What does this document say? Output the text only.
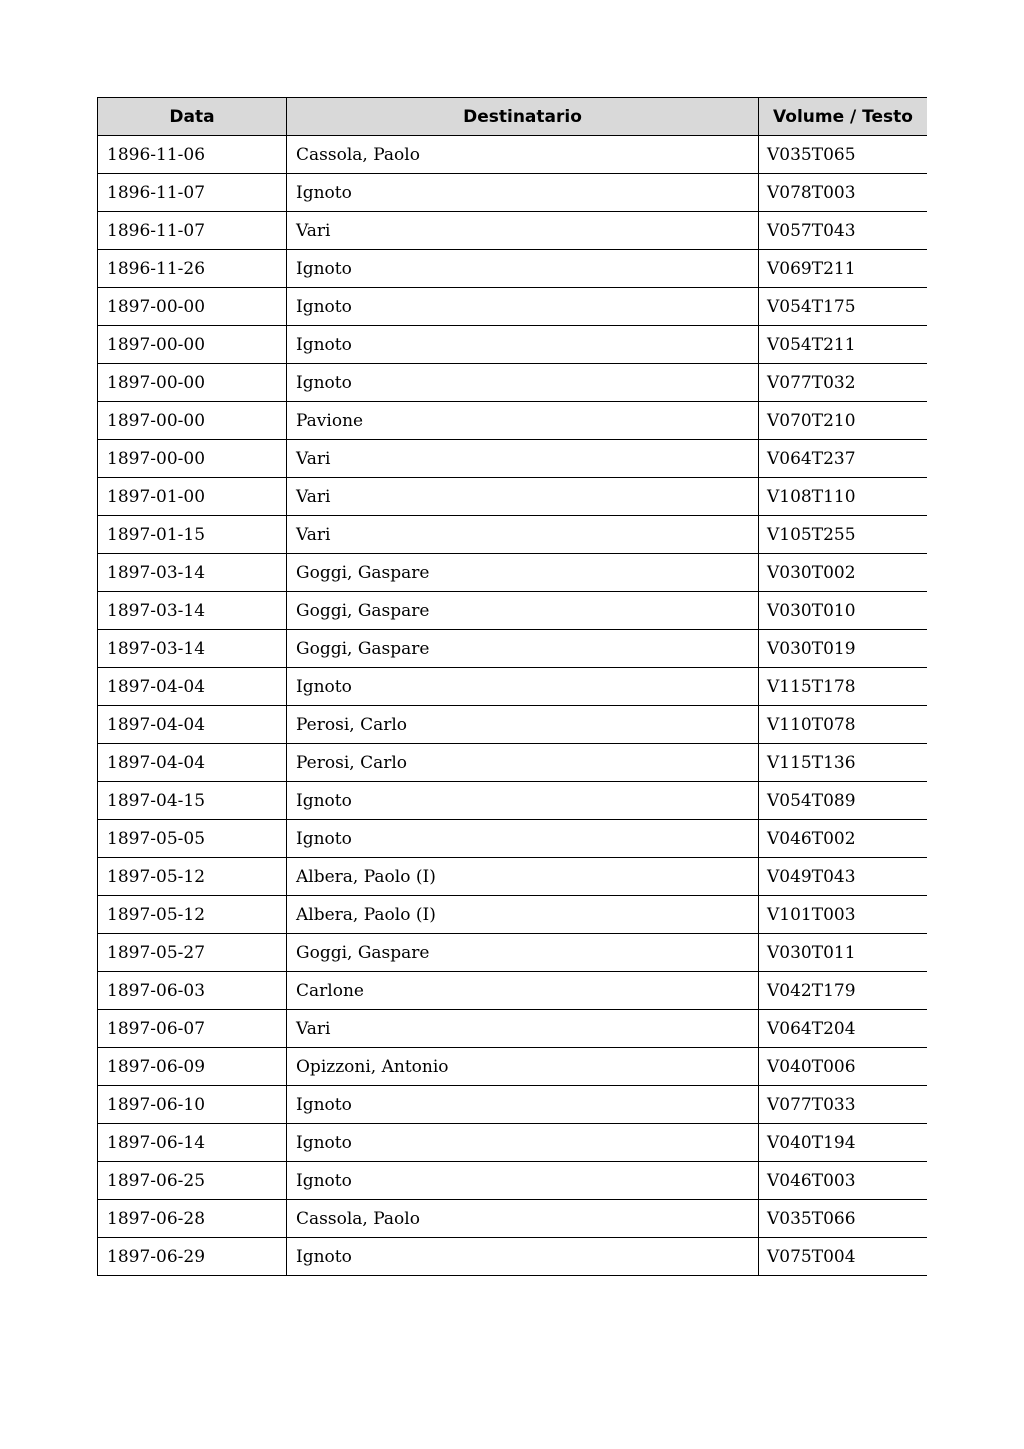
Data	Destinatario	Volume / Testo
1896-11-06	Cassola, Paolo	V035T065
1896-11-07	Ignoto	V078T003
1896-11-07	Vari	V057T043
1896-11-26	Ignoto	V069T211
1897-00-00	Ignoto	V054T175
1897-00-00	Ignoto	V054T211
1897-00-00	Ignoto	V077T032
1897-00-00	Pavione	V070T210
1897-00-00	Vari	V064T237
1897-01-00	Vari	V108T110
1897-01-15	Vari	V105T255
1897-03-14	Goggi, Gaspare	V030T002
1897-03-14	Goggi, Gaspare	V030T010
1897-03-14	Goggi, Gaspare	V030T019
1897-04-04	Ignoto	V115T178
1897-04-04	Perosi, Carlo	V110T078
1897-04-04	Perosi, Carlo	V115T136
1897-04-15	Ignoto	V054T089
1897-05-05	Ignoto	V046T002
1897-05-12	Albera, Paolo (I)	V049T043
1897-05-12	Albera, Paolo (I)	V101T003
1897-05-27	Goggi, Gaspare	V030T011
1897-06-03	Carlone	V042T179
1897-06-07	Vari	V064T204
1897-06-09	Opizzoni, Antonio	V040T006
1897-06-10	Ignoto	V077T033
1897-06-14	Ignoto	V040T194
1897-06-25	Ignoto	V046T003
1897-06-28	Cassola, Paolo	V035T066
1897-06-29	Ignoto	V075T004
